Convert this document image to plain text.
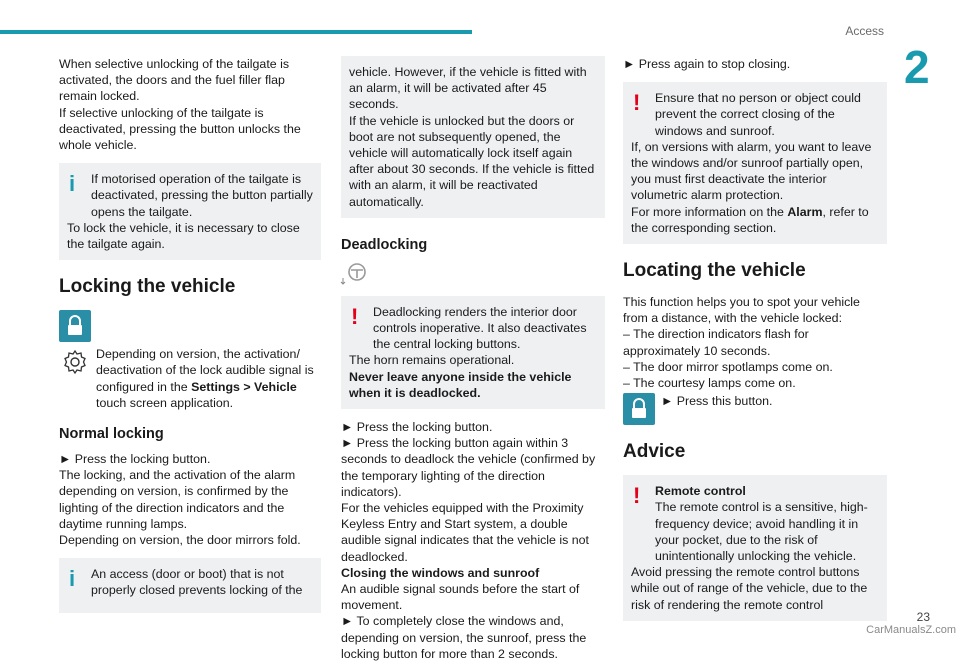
Access
2

When selective unlocking of the tailgate is activated, the doors and the fuel filler flap remain locked.

If selective unlocking of the tailgate is deactivated, pressing the button unlocks the whole vehicle.

i	If motorised operation of the tailgate is deactivated, pressing the button partially opens the tailgate.

To lock the vehicle, it is necessary to close the tailgate again.

Locking the vehicle

Depending on version, the activation/ deactivation of the lock audible signal is configured in the Settings > Vehicle touch screen application.

Normal locking

► Press the locking button.

The locking, and the activation of the alarm depending on version, is confirmed by the lighting of the direction indicators and the daytime running lamps.

Depending on version, the door mirrors fold.

i	An access (door or boot) that is not properly closed prevents locking of the

vehicle. However, if the vehicle is fitted with an alarm, it will be activated after 45 seconds.

If the vehicle is unlocked but the doors or boot are not subsequently opened, the vehicle will automatically lock itself again after about 30 seconds. If the vehicle is fitted with an alarm, it will be reactivated automatically.

Deadlocking
!	Deadlocking renders the interior door controls inoperative. It also deactivates the central locking buttons.

The horn remains operational.

Never leave anyone inside the vehicle when it is deadlocked.

► Press the locking button.

► Press the locking button again within 3 seconds to deadlock the vehicle (confirmed by the temporary lighting of the direction indicators).

For the vehicles equipped with the Proximity Keyless Entry and Start system, a double audible signal indicates that the vehicle is not deadlocked.

Closing the windows and sunroof

An audible signal sounds before the start of movement.

► To completely close the windows and, depending on version, the sunroof, press the locking button for more than 2 seconds.

► Press again to stop closing.

!	Ensure that no person or object could prevent the correct closing of the windows and sunroof.

If, on versions with alarm, you want to leave the windows and/or sunroof partially open, you must first deactivate the interior volumetric alarm protection.

For more information on the Alarm, refer to the corresponding section.

Locating the vehicle

This function helps you to spot your vehicle from a distance, with the vehicle locked:

– The direction indicators flash for approximately 10 seconds.

– The door mirror spotlamps come on.

– The courtesy lamps come on.

► Press this button.

Advice
!	Remote control

The remote control is a sensitive, high-frequency device; avoid handling it in your pocket, due to the risk of unintentionally unlocking the vehicle.

Avoid pressing the remote control buttons while out of range of the vehicle, due to the risk of rendering the remote control

23
CarManualsZ.com
